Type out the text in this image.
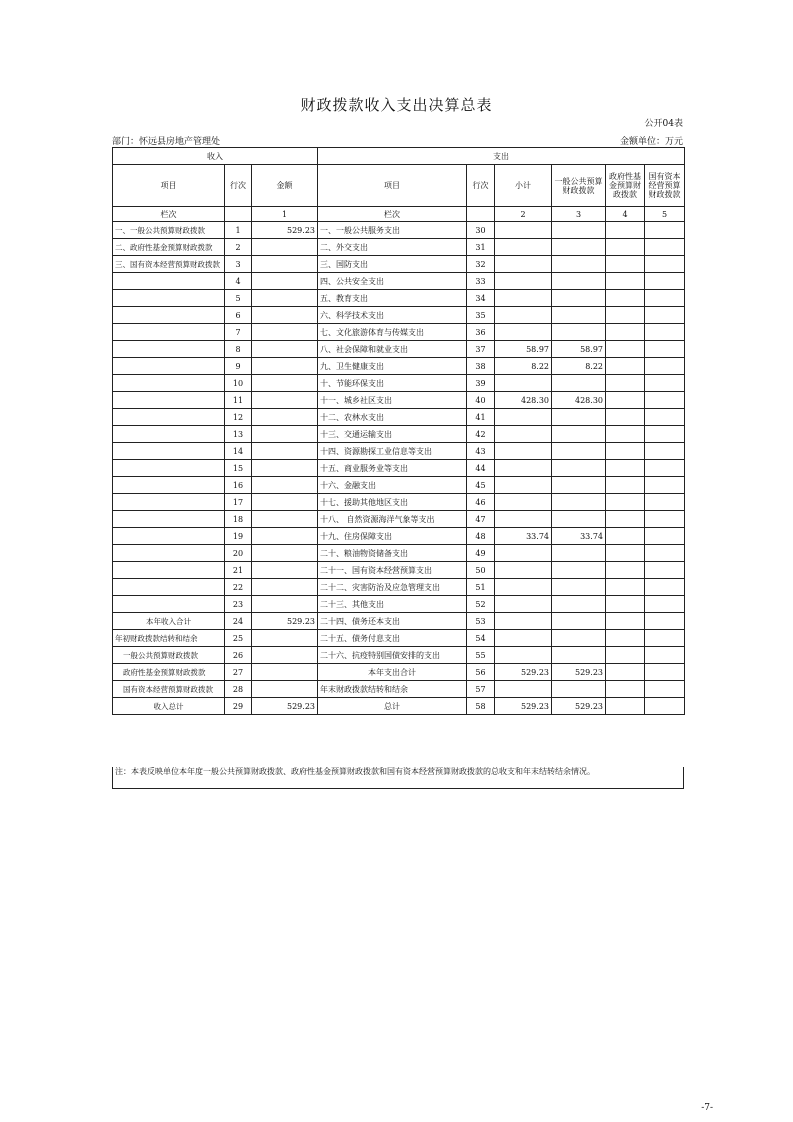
财政拨款收入支出决算总表
公开04表
部门：怀远县房地产管理处	金额单位：万元
收入			支出					
项目	行次	金额	项目	行次	小计	一般公共预算财政拨款	政府性基金预算财政拨款	国有资本经营预算财政拨款
栏次		1	栏次		2	3	4	5
一、一般公共预算财政拨款	1	529.23	一、一般公共服务支出	30				
二、政府性基金预算财政拨款	2		二、外交支出	31				
三、国有资本经营预算财政拨款	3		三、国防支出	32				
	4		四、公共安全支出	33				
	5		五、教育支出	34				
	6		六、科学技术支出	35				
	7		七、文化旅游体育与传媒支出	36				
	8		八、社会保障和就业支出	37	58.97	58.97		
	9		九、卫生健康支出	38	8.22	8.22		
	10		十、节能环保支出	39				
	11		十一、城乡社区支出	40	428.30	428.30		
	12		十二、农林水支出	41				
	13		十三、交通运输支出	42				
	14		十四、资源勘探工业信息等支出	43				
	15		十五、商业服务业等支出	44				
	16		十六、金融支出	45				
	17		十七、援助其他地区支出	46				
	18		十八、 自然资源海洋气象等支出	47				
	19		十九、住房保障支出	48	33.74	33.74		
	20		二十、粮油物资储备支出	49				
	21		二十一、国有资本经营预算支出	50				
	22		二十二、灾害防治及应急管理支出	51				
	23		二十三、其他支出	52				
本年收入合计	24	529.23	二十四、债务还本支出	53				
年初财政拨款结转和结余	25		二十五、债务付息支出	54				
一般公共预算财政拨款	26		二十六、抗疫特别国债安排的支出	55				
政府性基金预算财政拨款	27		本年支出合计	56	529.23	529.23		
国有资本经营预算财政拨款	28		年末财政拨款结转和结余	57				
收入总计	29	529.23	总计	58	529.23	529.23		
注：本表反映单位本年度一般公共预算财政拨款、政府性基金预算财政拨款和国有资本经营预算财政拨款的总收支和年末结转结余情况。
-7-
